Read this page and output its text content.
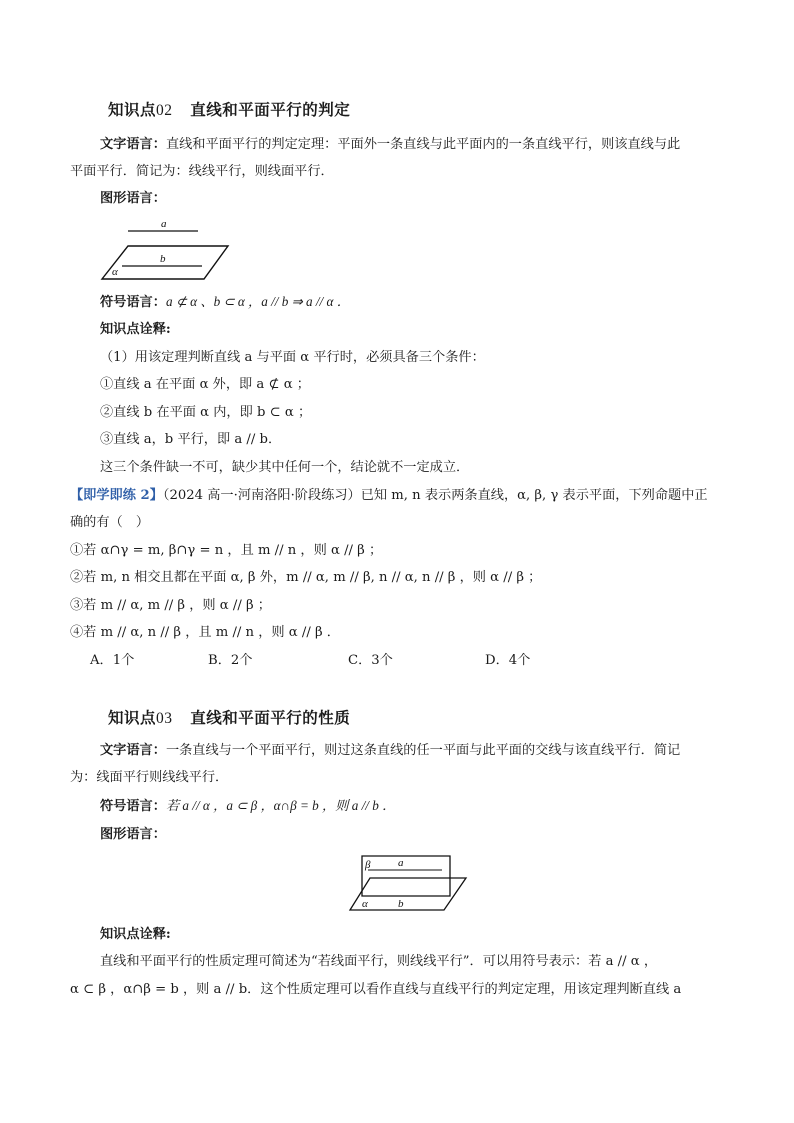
知识点02 直线和平面平行的判定
文字语言：直线和平面平行的判定定理：平面外一条直线与此平面内的一条直线平行，则该直线与此
平面平行．简记为：线线平行，则线面平行．
图形语言：
a
b
α
符号语言：a ⊄ α 、b ⊂ α ，a // b ⇒ a // α ．
知识点诠释:
（1）用该定理判断直线 a 与平面 α 平行时，必须具备三个条件：
①直线 a 在平面 α 外，即 a ⊄ α ；
②直线 b 在平面 α 内，即 b ⊂ α ；
③直线 a，b 平行，即 a // b．
这三个条件缺一不可，缺少其中任何一个，结论就不一定成立．
【即学即练 2】（2024 高一·河南洛阳·阶段练习）已知 m, n 表示两条直线，α, β, γ 表示平面，下列命题中正
确的有（　）
①若 α∩γ = m, β∩γ = n ，且 m // n ，则 α // β ；
②若 m, n 相交且都在平面 α, β 外，m // α, m // β, n // α, n // β ，则 α // β ；
③若 m // α, m // β ，则 α // β ；
④若 m // α, n // β ，且 m // n ，则 α // β ．
A．1个	B．2个	C．3个	D．4个
知识点03 直线和平面平行的性质
文字语言：一条直线与一个平面平行，则过这条直线的任一平面与此平面的交线与该直线平行．简记
为：线面平行则线线平行．
符号语言：若 a // α ，a ⊂ β ，α∩β = b ，则 a // b ．
图形语言：
a
β
b
α
知识点诠释:
直线和平面平行的性质定理可简述为“若线面平行，则线线平行”．可以用符号表示：若 a // α ，
α ⊂ β ，α∩β = b ，则 a // b．这个性质定理可以看作直线与直线平行的判定定理，用该定理判断直线 a
